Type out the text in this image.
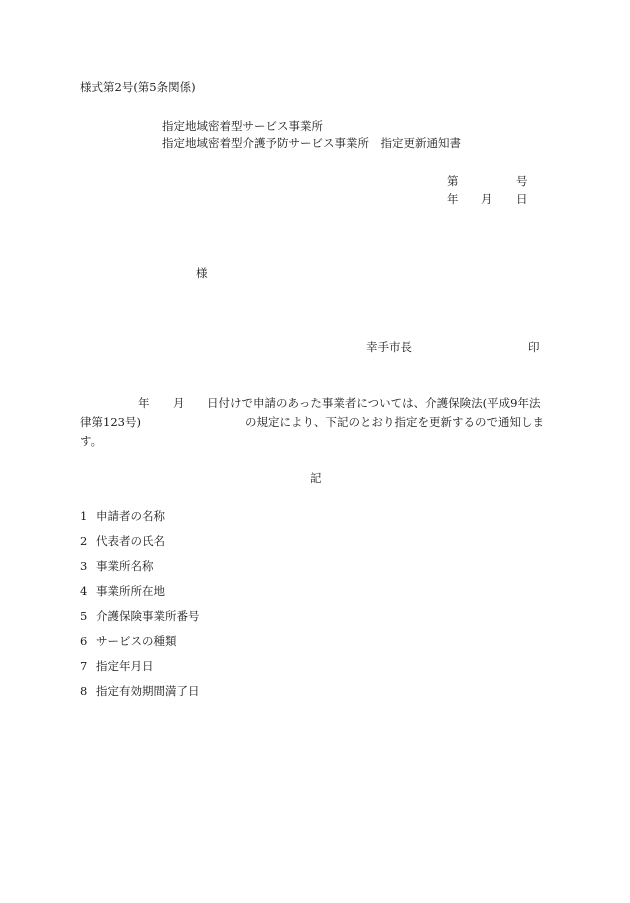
様式第2号(第5条関係)
指定地域密着型サービス事業所
指定地域密着型介護予防サービス事業所　指定更新通知書
第	号
年 月 日
様
幸手市長	印
年 月 日付けで申請のあった事業者については、介護保険法(平成9年法
律第123号)	の規定により、下記のとおり指定を更新するので通知しま
す。
記
1 申請者の名称
2 代表者の氏名
3 事業所名称
4 事業所所在地
5 介護保険事業所番号
6 サービスの種類
7 指定年月日
8 指定有効期間満了日
